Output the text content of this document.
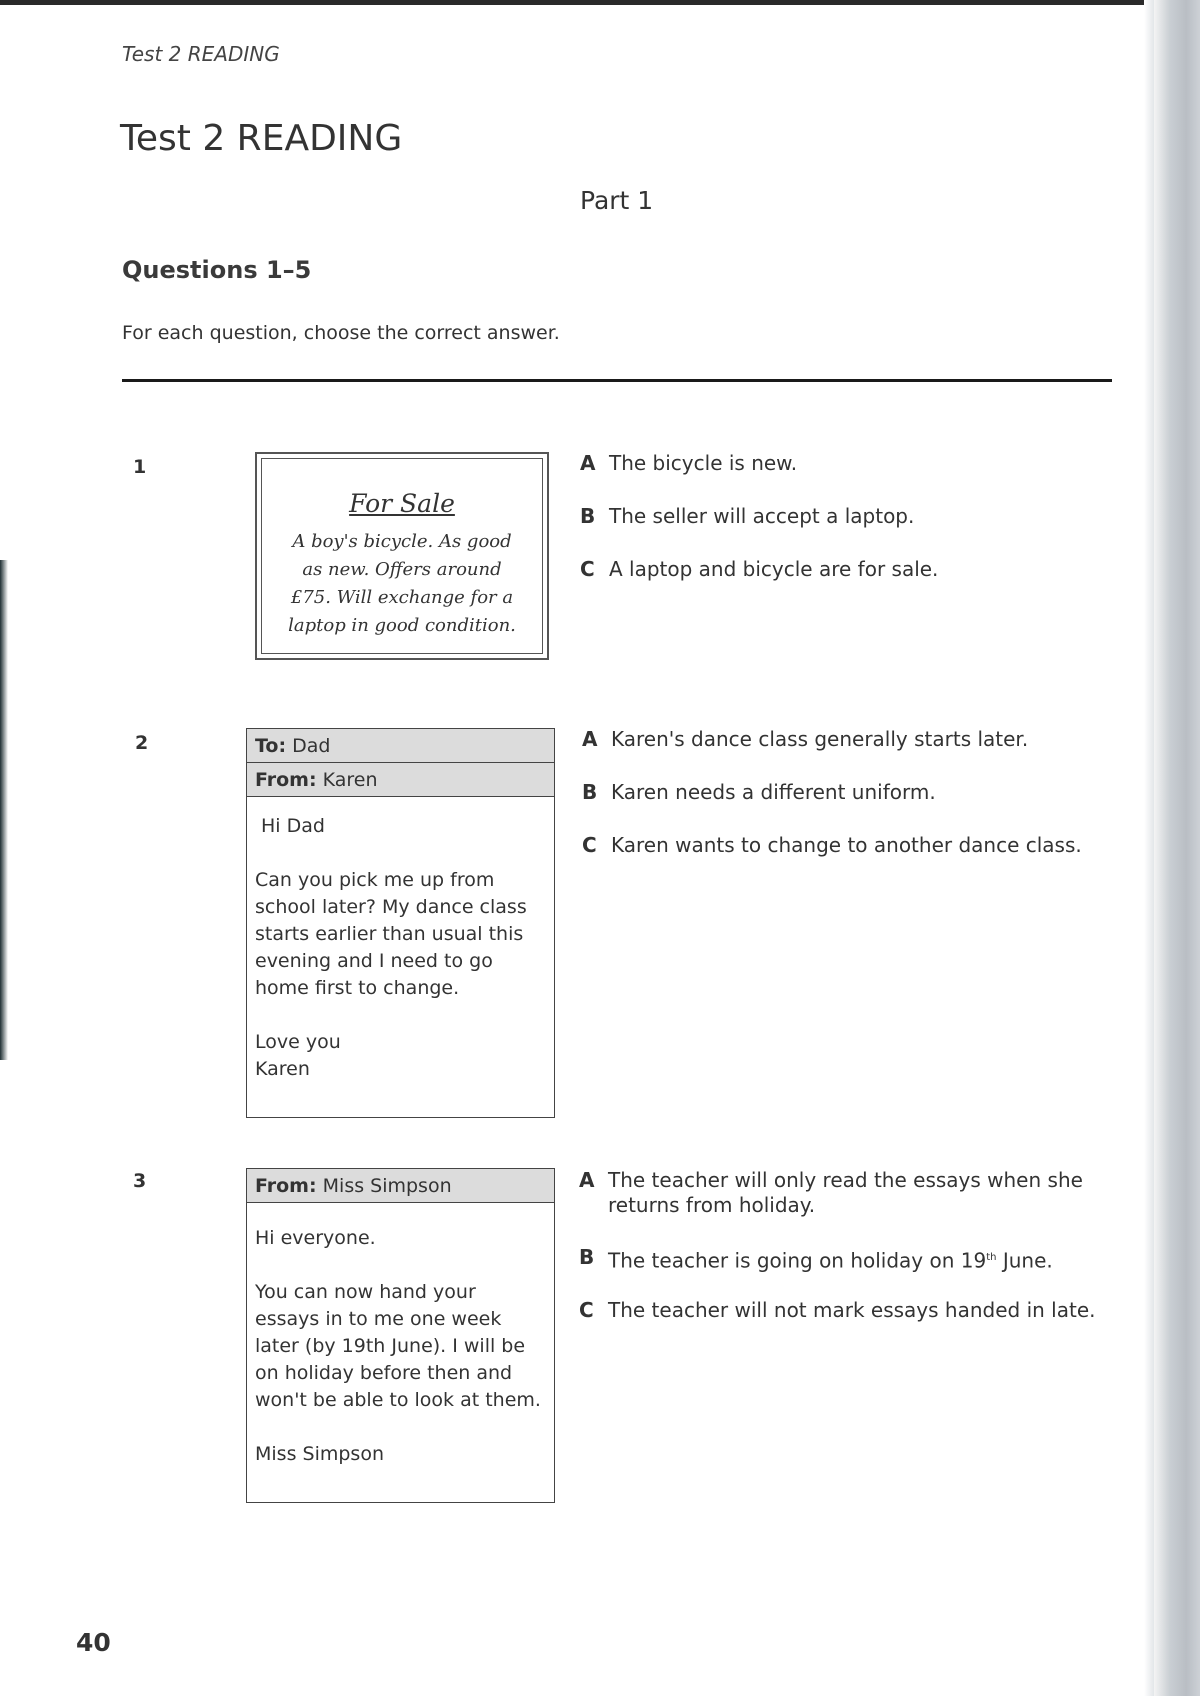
Test 2 READING
Test 2 READING
Part 1
Questions 1–5
For each question, choose the correct answer.
1
For Sale
A boy's bicycle. As good as new. Offers around £75. Will exchange for a laptop in good condition.
A The bicycle is new.
B The seller will accept a laptop.
C A laptop and bicycle are for sale.
2	To: Dad
From: Karen

Hi Dad

Can you pick me up from school later? My dance class starts earlier than usual this evening and I need to go home first to change.

Love you
Karen
A Karen's dance class generally starts later.
B Karen needs a different uniform.
C Karen wants to change to another dance class.
3	From: Miss Simpson

Hi everyone.

You can now hand your essays in to me one week later (by 19th June). I will be on holiday before then and won't be able to look at them.

Miss Simpson
A The teacher will only read the essays when she returns from holiday.
B The teacher is going on holiday on 19th June.
C The teacher will not mark essays handed in late.
40
